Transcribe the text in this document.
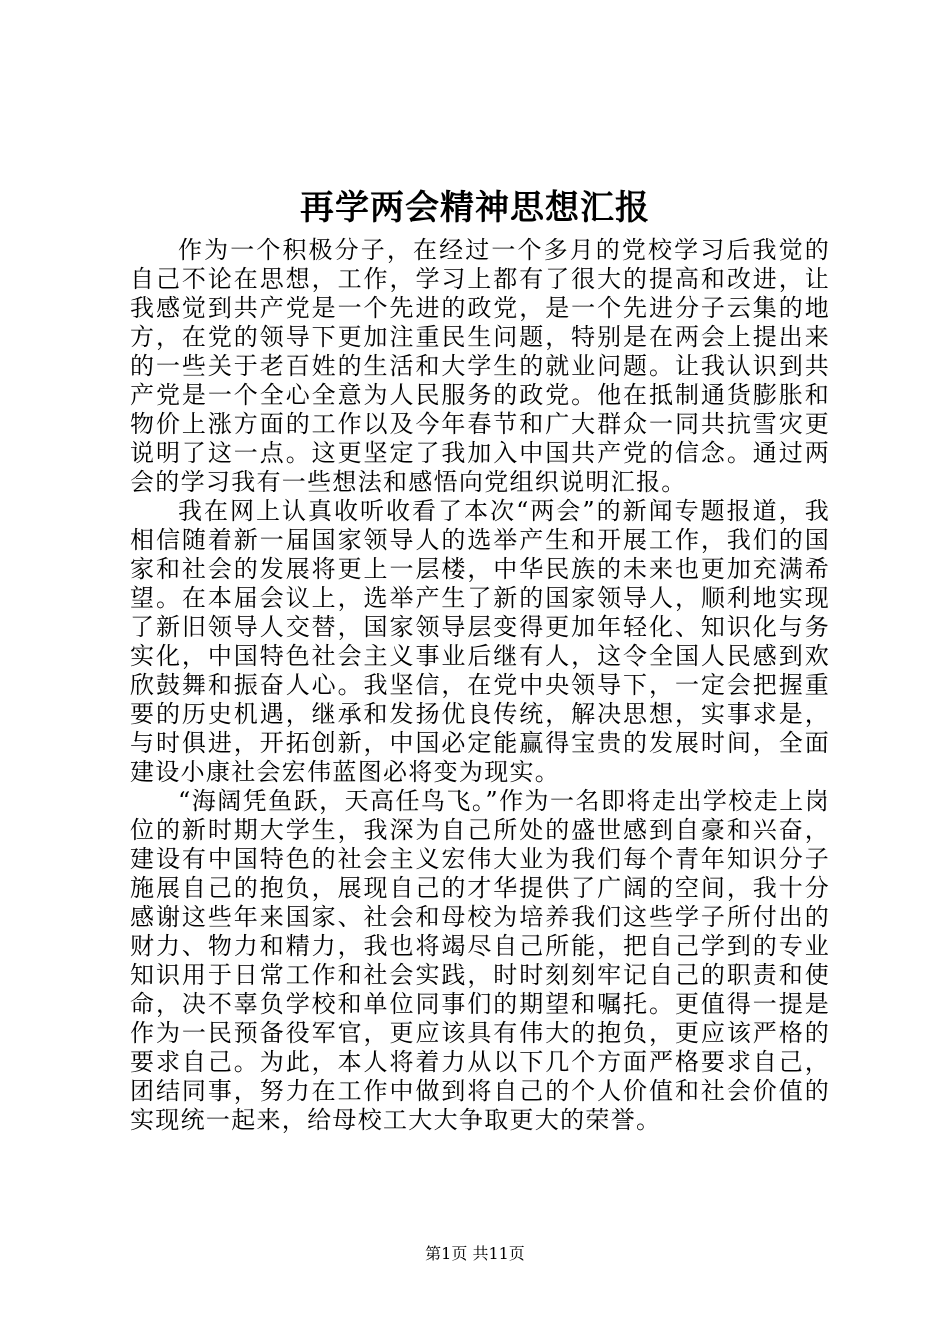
再学两会精神思想汇报

作为一个积极分子，在经过一个多月的党校学习后我觉的自己不论在思想，工作，学习上都有了很大的提高和改进，让我感觉到共产党是一个先进的政党，是一个先进分子云集的地方，在党的领导下更加注重民生问题，特别是在两会上提出来的一些关于老百姓的生活和大学生的就业问题。让我认识到共产党是一个全心全意为人民服务的政党。他在抵制通货膨胀和物价上涨方面的工作以及今年春节和广大群众一同共抗雪灾更说明了这一点。这更坚定了我加入中国共产党的信念。通过两会的学习我有一些想法和感悟向党组织说明汇报。

我在网上认真收听收看了本次“两会”的新闻专题报道，我相信随着新一届国家领导人的选举产生和开展工作，我们的国家和社会的发展将更上一层楼，中华民族的未来也更加充满希望。在本届会议上，选举产生了新的国家领导人，顺利地实现了新旧领导人交替，国家领导层变得更加年轻化、知识化与务实化，中国特色社会主义事业后继有人，这令全国人民感到欢欣鼓舞和振奋人心。我坚信，在党中央领导下，一定会把握重要的历史机遇，继承和发扬优良传统，解决思想，实事求是，与时俱进，开拓创新，中国必定能赢得宝贵的发展时间，全面建设小康社会宏伟蓝图必将变为现实。

“海阔凭鱼跃，天高任鸟飞。”作为一名即将走出学校走上岗位的新时期大学生，我深为自己所处的盛世感到自豪和兴奋，建设有中国特色的社会主义宏伟大业为我们每个青年知识分子施展自己的抱负，展现自己的才华提供了广阔的空间，我十分感谢这些年来国家、社会和母校为培养我们这些学子所付出的财力、物力和精力，我也将竭尽自己所能，把自己学到的专业知识用于日常工作和社会实践，时时刻刻牢记自己的职责和使命，决不辜负学校和单位同事们的期望和嘱托。更值得一提是作为一民预备役军官，更应该具有伟大的抱负，更应该严格的要求自己。为此，本人将着力从以下几个方面严格要求自己，团结同事，努力在工作中做到将自己的个人价值和社会价值的实现统一起来，给母校工大大争取更大的荣誉。

第1页 共11页
